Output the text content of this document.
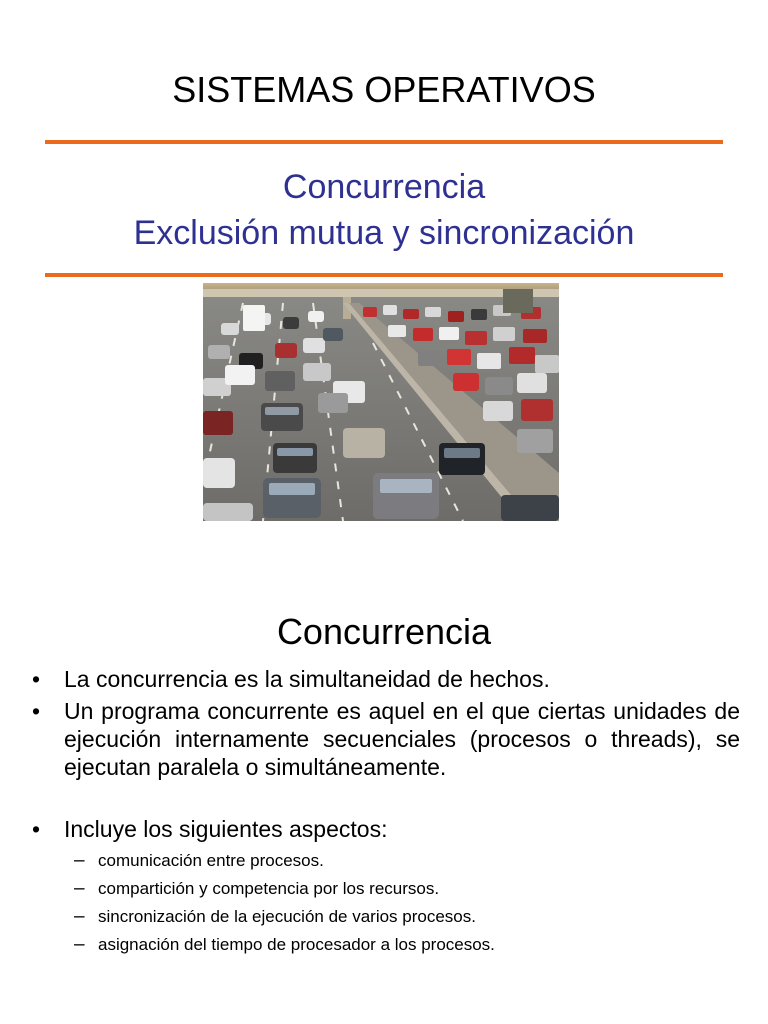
SISTEMAS OPERATIVOS
Concurrencia
Exclusión mutua y sincronización
Concurrencia
• La concurrencia es la simultaneidad de hechos.
• Un programa concurrente es aquel en el que ciertas unidades de ejecución internamente secuenciales (procesos o threads), se ejecutan paralela o simultáneamente.
• Incluye los siguientes aspectos:
– comunicación entre procesos.
– compartición y competencia por los recursos.
– sincronización de la ejecución de varios procesos.
– asignación del tiempo de procesador a los procesos.
